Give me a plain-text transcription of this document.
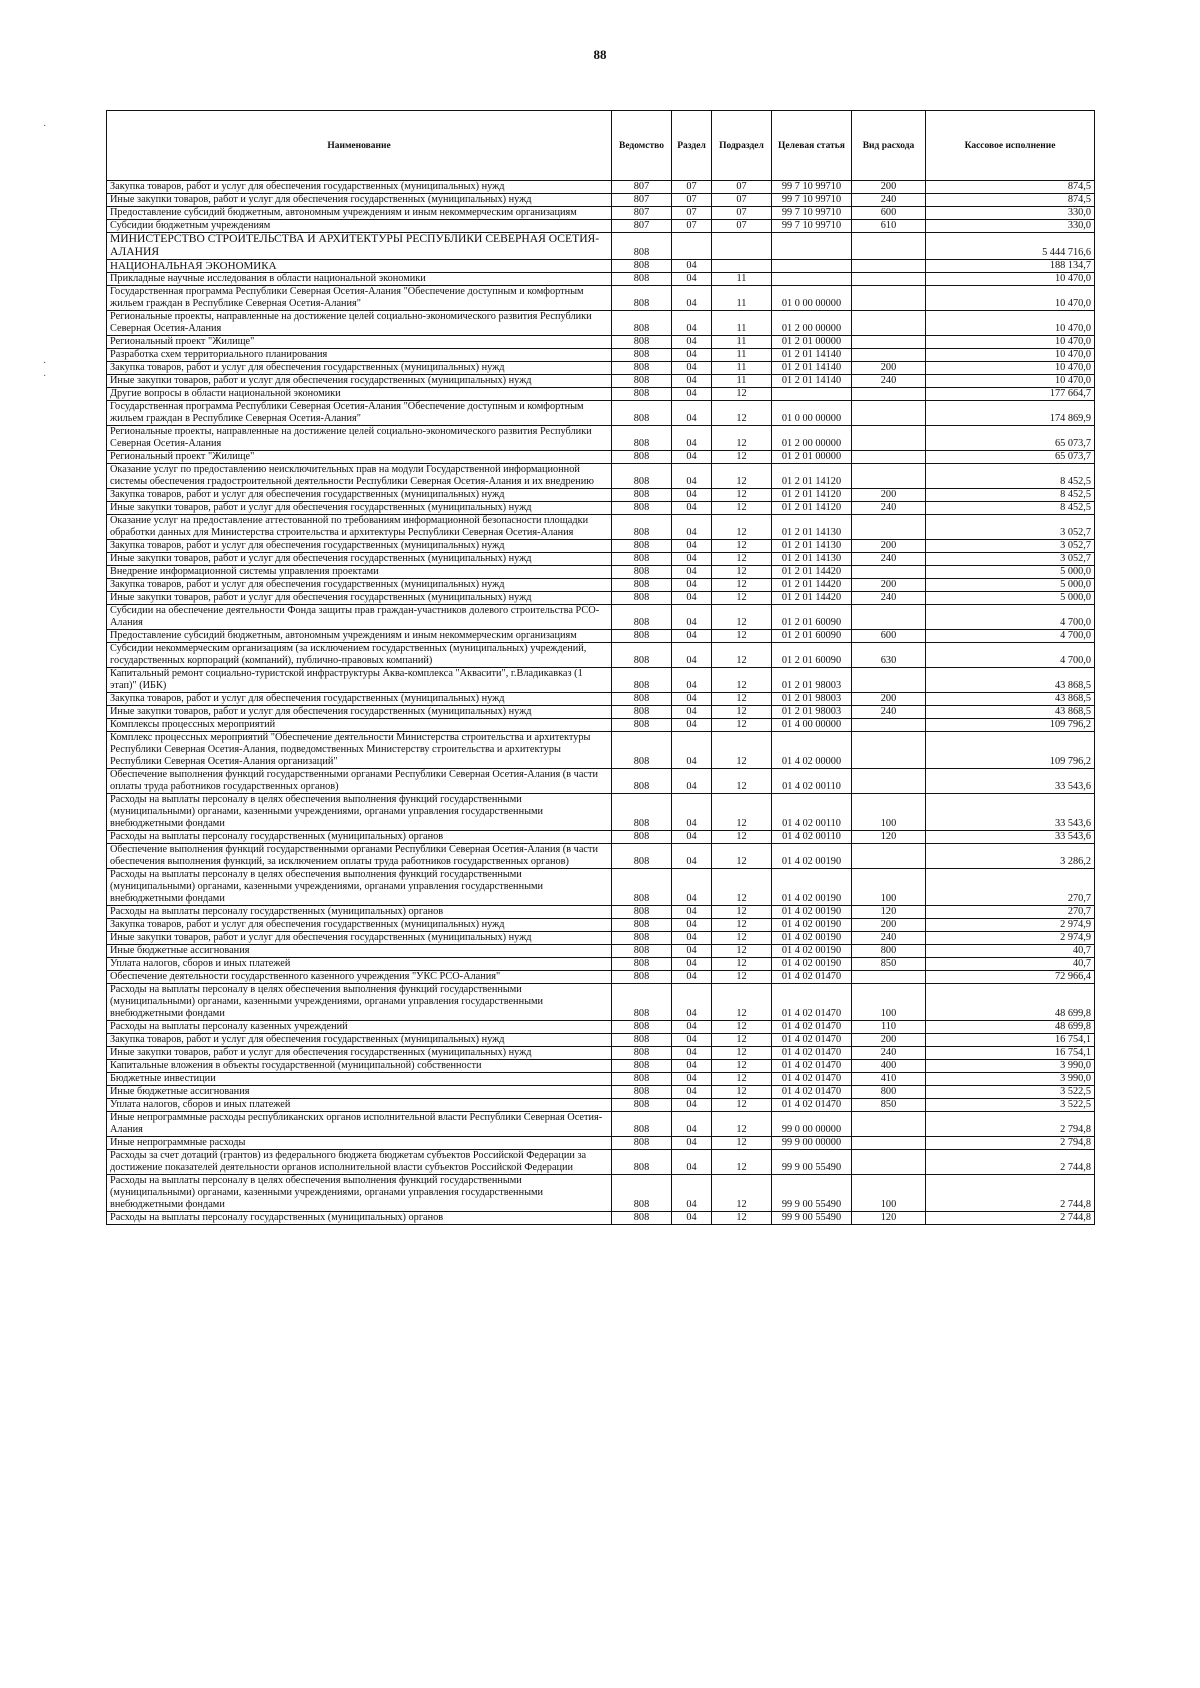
88
·
·
·
Наименование	Ведомство	Раздел	Подраздел	Целевая статья	Вид расхода	Кассовое исполнение
Закупка товаров, работ и услуг для обеспечения государственных (муниципальных) нужд	807	07	07	99 7 10 99710	200	874,5
Иные закупки товаров, работ и услуг для обеспечения государственных (муниципальных) нужд	807	07	07	99 7 10 99710	240	874,5
Предоставление субсидий бюджетным, автономным учреждениям и иным некоммерческим организациям	807	07	07	99 7 10 99710	600	330,0
Субсидии бюджетным учреждениям	807	07	07	99 7 10 99710	610	330,0
МИНИСТЕРСТВО СТРОИТЕЛЬСТВА И АРХИТЕКТУРЫ РЕСПУБЛИКИ СЕВЕРНАЯ ОСЕТИЯ-АЛАНИЯ	808					5 444 716,6
НАЦИОНАЛЬНАЯ ЭКОНОМИКА	808	04				188 134,7
Прикладные научные исследования в области национальной экономики	808	04	11			10 470,0
Государственная программа Республики Северная Осетия-Алания "Обеспечение доступным и комфортным жильем граждан в Республике Северная Осетия-Алания"	808	04	11	01 0 00 00000		10 470,0
Региональные проекты, направленные на достижение целей социально-экономического развития Республики Северная Осетия-Алания	808	04	11	01 2 00 00000		10 470,0
Региональный проект "Жилище"	808	04	11	01 2 01 00000		10 470,0
Разработка схем территориального планирования	808	04	11	01 2 01 14140		10 470,0
Закупка товаров, работ и услуг для обеспечения государственных (муниципальных) нужд	808	04	11	01 2 01 14140	200	10 470,0
Иные закупки товаров, работ и услуг для обеспечения государственных (муниципальных) нужд	808	04	11	01 2 01 14140	240	10 470,0
Другие вопросы в области национальной экономики	808	04	12			177 664,7
Государственная программа Республики Северная Осетия-Алания "Обеспечение доступным и комфортным жильем граждан в Республике Северная Осетия-Алания"	808	04	12	01 0 00 00000		174 869,9
Региональные проекты, направленные на достижение целей социально-экономического развития Республики Северная Осетия-Алания	808	04	12	01 2 00 00000		65 073,7
Региональный проект "Жилище"	808	04	12	01 2 01 00000		65 073,7
Оказание услуг по предоставлению неисключительных прав на модули Государственной информационной системы обеспечения градостроительной деятельности Республики Северная Осетия-Алания и их внедрению	808	04	12	01 2 01 14120		8 452,5
Закупка товаров, работ и услуг для обеспечения государственных (муниципальных) нужд	808	04	12	01 2 01 14120	200	8 452,5
Иные закупки товаров, работ и услуг для обеспечения государственных (муниципальных) нужд	808	04	12	01 2 01 14120	240	8 452,5
Оказание услуг на предоставление аттестованной по требованиям информационной безопасности площадки обработки данных для Министерства строительства и архитектуры Республики Северная Осетия-Алания	808	04	12	01 2 01 14130		3 052,7
Закупка товаров, работ и услуг для обеспечения государственных (муниципальных) нужд	808	04	12	01 2 01 14130	200	3 052,7
Иные закупки товаров, работ и услуг для обеспечения государственных (муниципальных) нужд	808	04	12	01 2 01 14130	240	3 052,7
Внедрение информационной системы управления проектами	808	04	12	01 2 01 14420		5 000,0
Закупка товаров, работ и услуг для обеспечения государственных (муниципальных) нужд	808	04	12	01 2 01 14420	200	5 000,0
Иные закупки товаров, работ и услуг для обеспечения государственных (муниципальных) нужд	808	04	12	01 2 01 14420	240	5 000,0
Субсидии на обеспечение деятельности Фонда защиты прав граждан-участников долевого строительства РСО-Алания	808	04	12	01 2 01 60090		4 700,0
Предоставление субсидий бюджетным, автономным учреждениям и иным некоммерческим организациям	808	04	12	01 2 01 60090	600	4 700,0
Субсидии некоммерческим организациям (за исключением государственных (муниципальных) учреждений, государственных корпораций (компаний), публично-правовых компаний)	808	04	12	01 2 01 60090	630	4 700,0
Капитальный ремонт социально-туристской инфраструктуры Аква-комплекса "Аквасити", г.Владикавказ (1 этап)" (ИБК)	808	04	12	01 2 01 98003		43 868,5
Закупка товаров, работ и услуг для обеспечения государственных (муниципальных) нужд	808	04	12	01 2 01 98003	200	43 868,5
Иные закупки товаров, работ и услуг для обеспечения государственных (муниципальных) нужд	808	04	12	01 2 01 98003	240	43 868,5
Комплексы процессных мероприятий	808	04	12	01 4 00 00000		109 796,2
Комплекс процессных мероприятий "Обеспечение деятельности Министерства строительства и архитектуры Республики Северная Осетия-Алания, подведомственных Министерству строительства и архитектуры Республики Северная Осетия-Алания организаций"	808	04	12	01 4 02 00000		109 796,2
Обеспечение выполнения функций государственными органами Республики Северная Осетия-Алания (в части оплаты труда работников государственных органов)	808	04	12	01 4 02 00110		33 543,6
Расходы на выплаты персоналу в целях обеспечения выполнения функций государственными (муниципальными) органами, казенными учреждениями, органами управления государственными внебюджетными фондами	808	04	12	01 4 02 00110	100	33 543,6
Расходы на выплаты персоналу государственных (муниципальных) органов	808	04	12	01 4 02 00110	120	33 543,6
Обеспечение выполнения функций государственными органами Республики Северная Осетия-Алания (в части обеспечения выполнения функций, за исключением оплаты труда работников государственных органов)	808	04	12	01 4 02 00190		3 286,2
Расходы на выплаты персоналу в целях обеспечения выполнения функций государственными (муниципальными) органами, казенными учреждениями, органами управления государственными внебюджетными фондами	808	04	12	01 4 02 00190	100	270,7
Расходы на выплаты персоналу государственных (муниципальных) органов	808	04	12	01 4 02 00190	120	270,7
Закупка товаров, работ и услуг для обеспечения государственных (муниципальных) нужд	808	04	12	01 4 02 00190	200	2 974,9
Иные закупки товаров, работ и услуг для обеспечения государственных (муниципальных) нужд	808	04	12	01 4 02 00190	240	2 974,9
Иные бюджетные ассигнования	808	04	12	01 4 02 00190	800	40,7
Уплата налогов, сборов и иных платежей	808	04	12	01 4 02 00190	850	40,7
Обеспечение деятельности государственного казенного учреждения "УКС РСО-Алания"	808	04	12	01 4 02 01470		72 966,4
Расходы на выплаты персоналу в целях обеспечения выполнения функций государственными (муниципальными) органами, казенными учреждениями, органами управления государственными внебюджетными фондами	808	04	12	01 4 02 01470	100	48 699,8
Расходы на выплаты персоналу казенных учреждений	808	04	12	01 4 02 01470	110	48 699,8
Закупка товаров, работ и услуг для обеспечения государственных (муниципальных) нужд	808	04	12	01 4 02 01470	200	16 754,1
Иные закупки товаров, работ и услуг для обеспечения государственных (муниципальных) нужд	808	04	12	01 4 02 01470	240	16 754,1
Капитальные вложения в объекты государственной (муниципальной) собственности	808	04	12	01 4 02 01470	400	3 990,0
Бюджетные инвестиции	808	04	12	01 4 02 01470	410	3 990,0
Иные бюджетные ассигнования	808	04	12	01 4 02 01470	800	3 522,5
Уплата налогов, сборов и иных платежей	808	04	12	01 4 02 01470	850	3 522,5
Иные непрограммные расходы республиканских органов исполнительной власти Республики Северная Осетия-Алания	808	04	12	99 0 00 00000		2 794,8
Иные непрограммные расходы	808	04	12	99 9 00 00000		2 794,8
Расходы за счет дотаций (грантов) из федерального бюджета бюджетам субъектов Российской Федерации за достижение показателей деятельности органов исполнительной власти субъектов Российской Федерации	808	04	12	99 9 00 55490		2 744,8
Расходы на выплаты персоналу в целях обеспечения выполнения функций государственными (муниципальными) органами, казенными учреждениями, органами управления государственными внебюджетными фондами	808	04	12	99 9 00 55490	100	2 744,8
Расходы на выплаты персоналу государственных (муниципальных) органов	808	04	12	99 9 00 55490	120	2 744,8
